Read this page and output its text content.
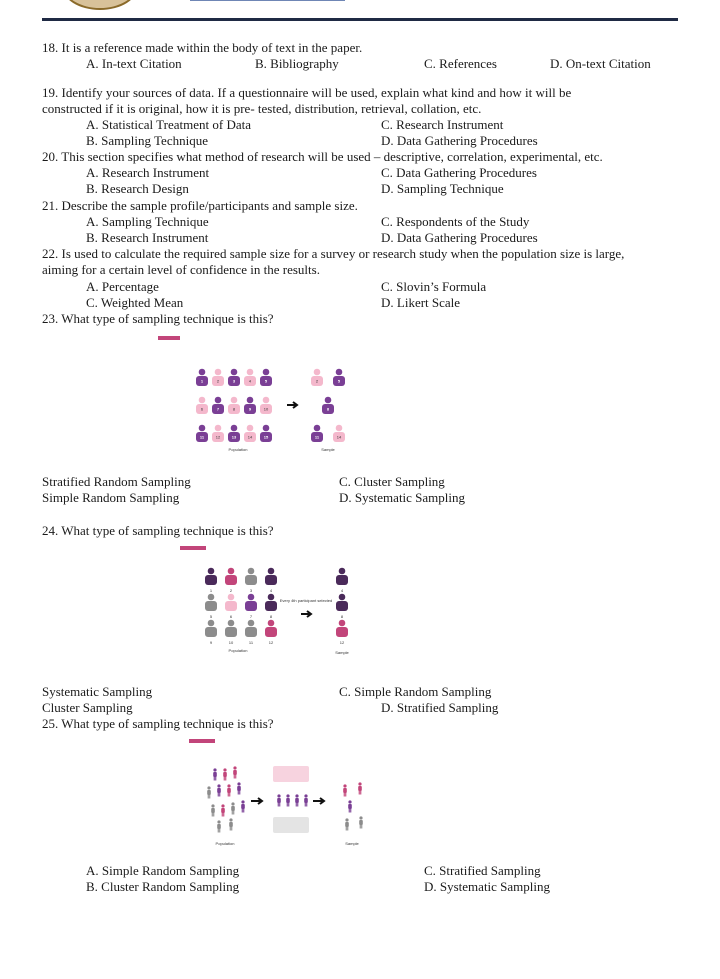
18. It is a reference made within the body of text in the paper.
A. In-text Citation	B. Bibliography	C. References	D. On-text Citation
19. Identify your sources of data. If a questionnaire will be used, explain what kind and how it will be
constructed if it is original, how it is pre- tested, distribution, retrieval, collation, etc.
A. Statistical Treatment of Data	C. Research Instrument
B. Sampling Technique	D. Data Gathering Procedures
20. This section specifies what method of research will be used – descriptive, correlation, experimental, etc.
A. Research Instrument	C. Data Gathering Procedures
B. Research Design	D. Sampling Technique
21. Describe the sample profile/participants and sample size.
A. Sampling Technique	C. Respondents of the Study
B. Research Instrument	D. Data Gathering Procedures
22. Is used to calculate the required sample size for a survey or research study when the population size is large,
aiming for a certain level of confidence in the results.
A. Percentage	C. Slovin’s Formula
C. Weighted Mean	D. Likert Scale
23. What type of sampling technique is this?
1	2	3	4	5
6	7	8	9	10
11	12	13	14	15
2	5
8
11	14
Population	Sample
Stratified Random Sampling	C. Cluster Sampling
Simple Random Sampling	D. Systematic Sampling
24. What type of sampling technique is this?
1	2	3	4
5	6	7	8
9	10	11	12
4
8
12
Every 4th participant selected
Population	Sample
Systematic Sampling	C. Simple Random Sampling
Cluster Sampling	D. Stratified Sampling
25. What type of sampling technique is this?
Population	Sample
A. Simple Random Sampling	C. Stratified Sampling
B. Cluster Random Sampling	D. Systematic Sampling
